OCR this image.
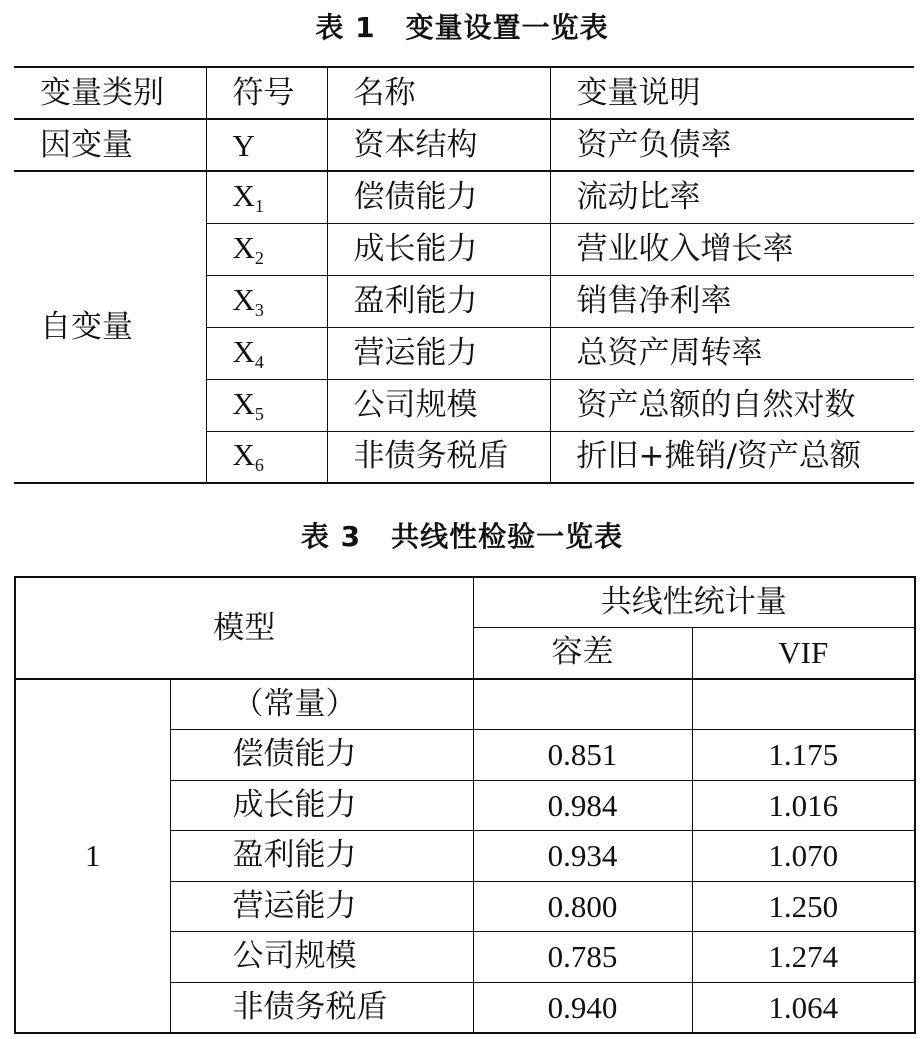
表 1 变量设置一览表
变量类别	符号	名称	变量说明
因变量	Y	资本结构	资产负债率
自变量	$X_1$	偿债能力	流动比率
	$X_2$	成长能力	营业收入增长率
	$X_3$	盈利能力	销售净利率
	$X_4$	营运能力	总资产周转率
	$X_5$	公司规模	资产总额的自然对数
	$X_6$	非债务税盾	折旧+摊销/资产总额
表 3 共线性检验一览表
模型		共线性统计量	
		容差	VIF
1	（常量）		
	偿债能力	0.851	1.175
	成长能力	0.984	1.016
	盈利能力	0.934	1.070
	营运能力	0.800	1.250
	公司规模	0.785	1.274
	非债务税盾	0.940	1.064
